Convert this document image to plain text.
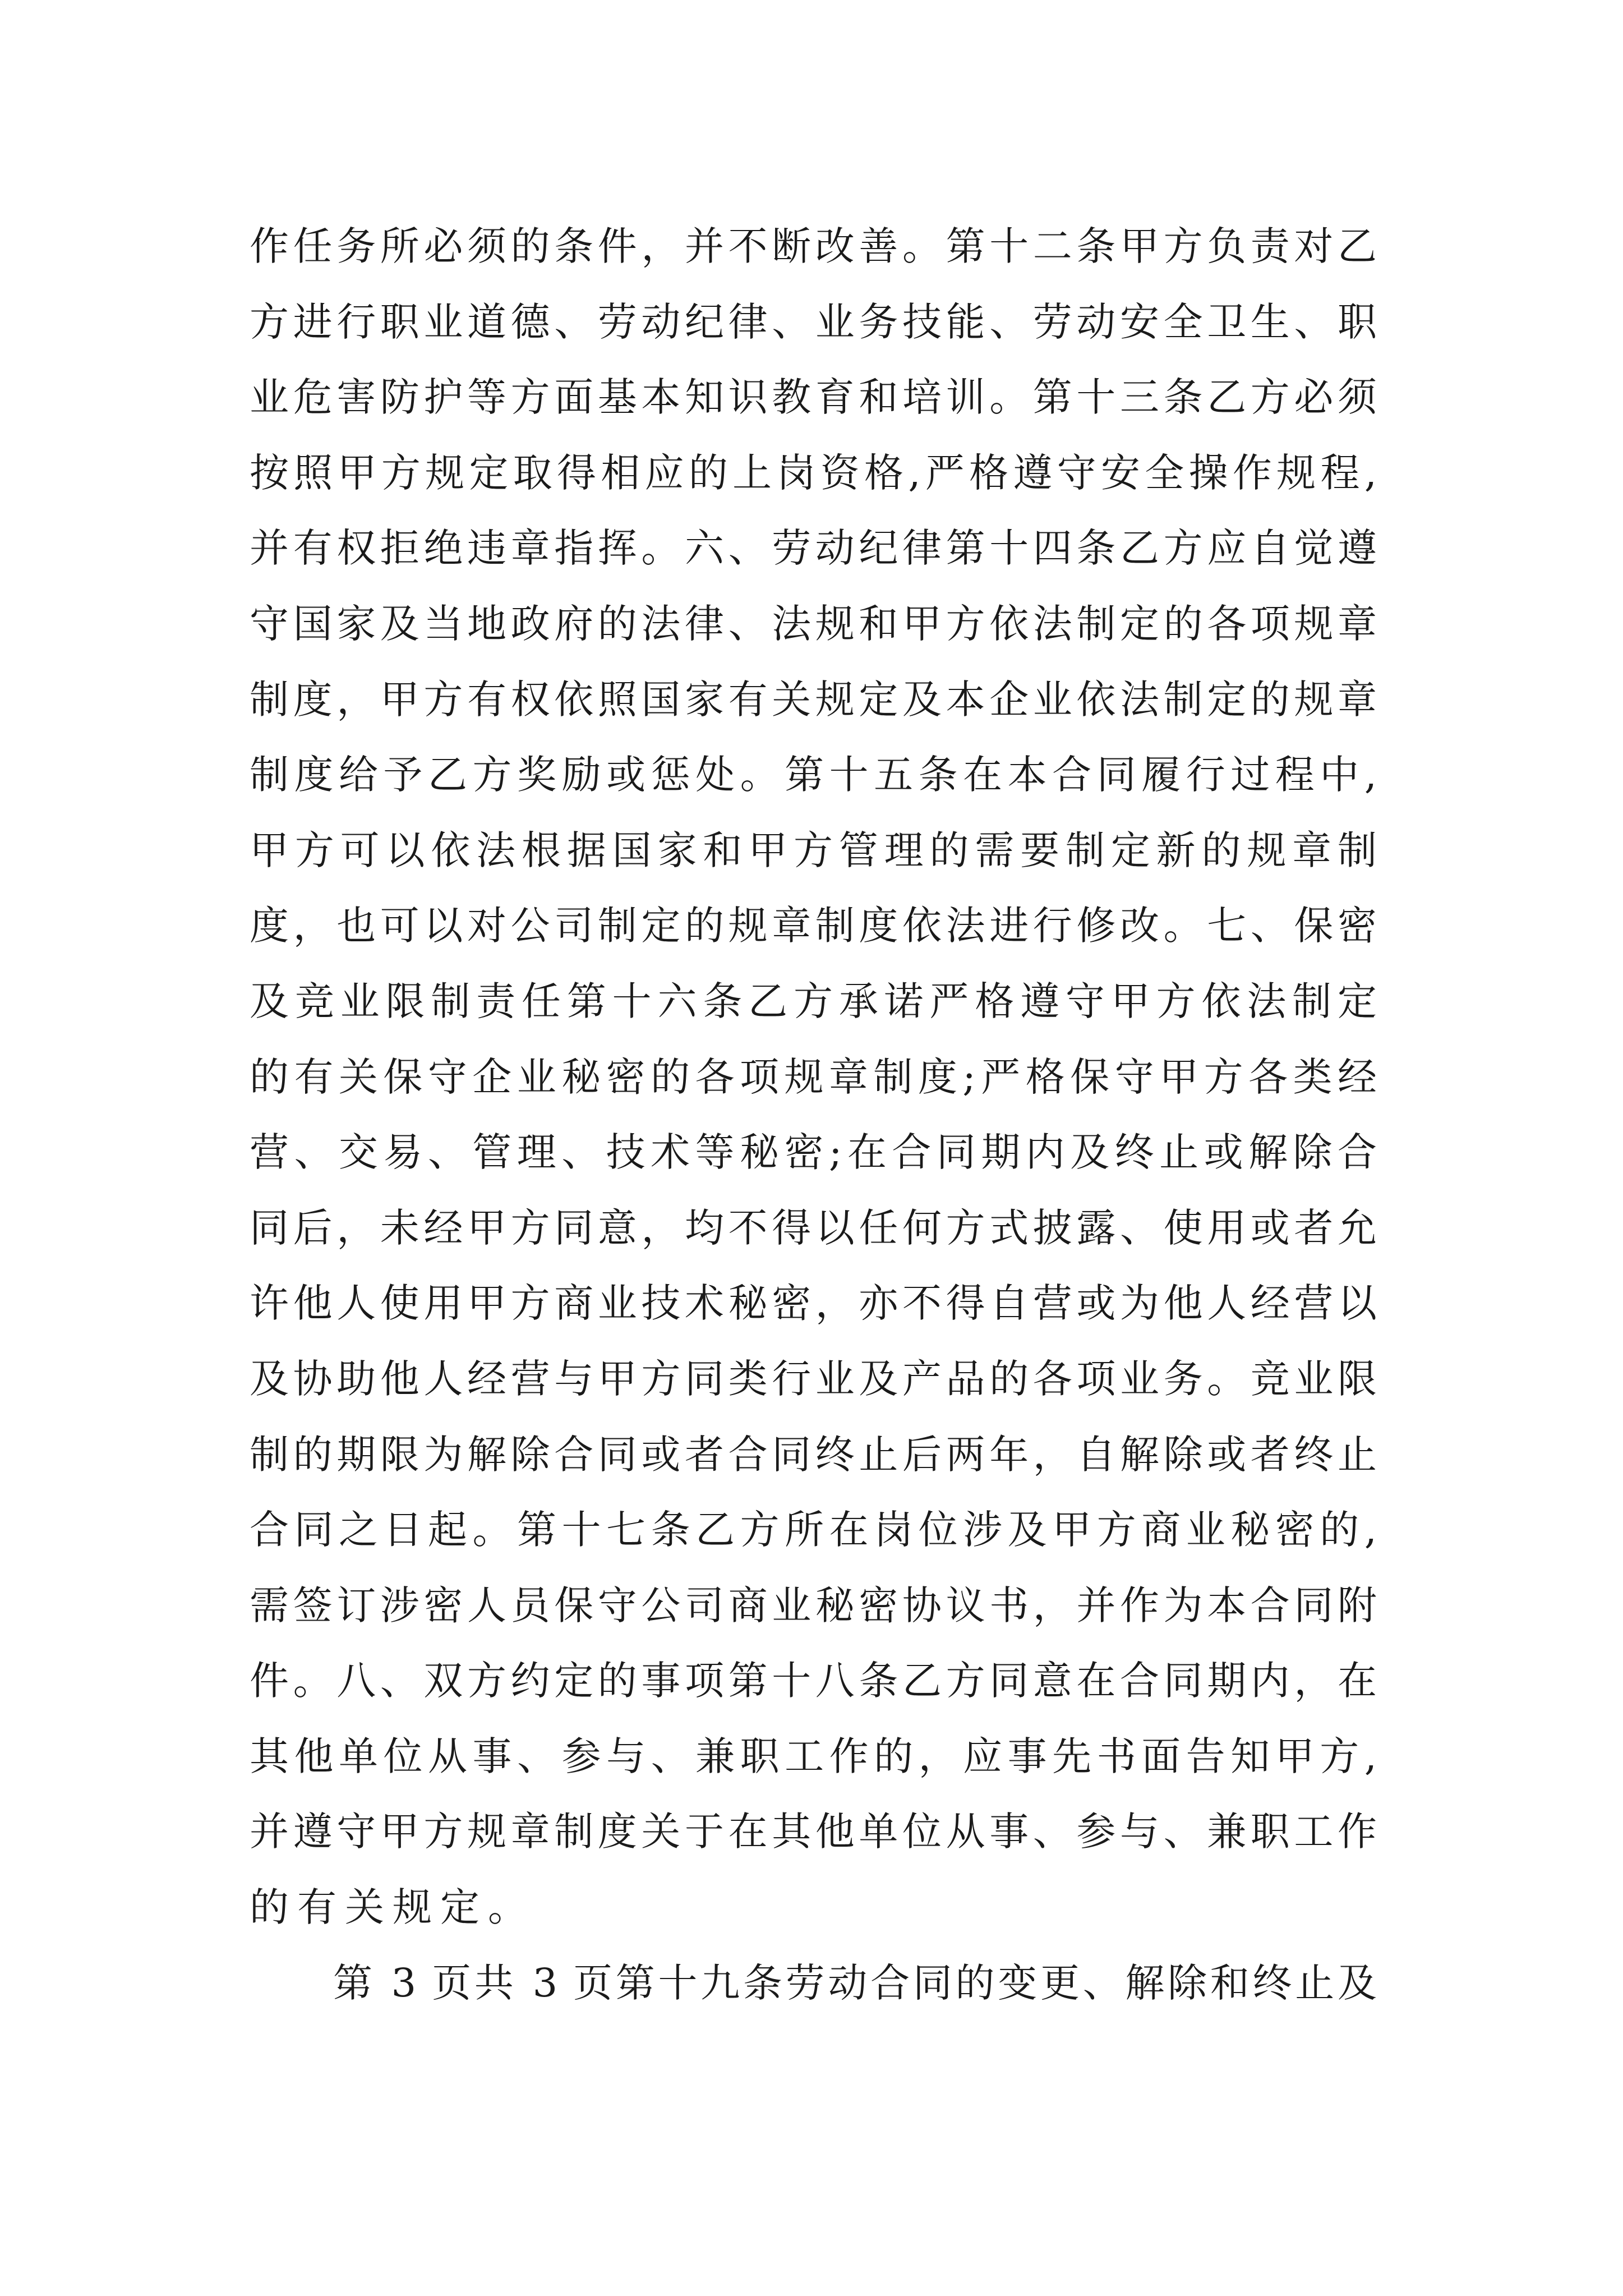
作任务所必须的条件，并不断改善。第十二条甲方负责对乙
方进行职业道德、劳动纪律、业务技能、劳动安全卫生、职
业危害防护等方面基本知识教育和培训。第十三条乙方必须
按照甲方规定取得相应的上岗资格,严格遵守安全操作规程,
并有权拒绝违章指挥。六、劳动纪律第十四条乙方应自觉遵
守国家及当地政府的法律、法规和甲方依法制定的各项规章
制度，甲方有权依照国家有关规定及本企业依法制定的规章
制度给予乙方奖励或惩处。第十五条在本合同履行过程中,
甲方可以依法根据国家和甲方管理的需要制定新的规章制
度，也可以对公司制定的规章制度依法进行修改。七、保密
及竞业限制责任第十六条乙方承诺严格遵守甲方依法制定
的有关保守企业秘密的各项规章制度;严格保守甲方各类经
营、交易、管理、技术等秘密;在合同期内及终止或解除合
同后，未经甲方同意，均不得以任何方式披露、使用或者允
许他人使用甲方商业技术秘密，亦不得自营或为他人经营以
及协助他人经营与甲方同类行业及产品的各项业务。竞业限
制的期限为解除合同或者合同终止后两年，自解除或者终止
合同之日起。第十七条乙方所在岗位涉及甲方商业秘密的,
需签订涉密人员保守公司商业秘密协议书，并作为本合同附
件。八、双方约定的事项第十八条乙方同意在合同期内，在
其他单位从事、参与、兼职工作的，应事先书面告知甲方,
并遵守甲方规章制度关于在其他单位从事、参与、兼职工作
的有关规定。
第 3 页共 3 页第十九条劳动合同的变更、解除和终止及
